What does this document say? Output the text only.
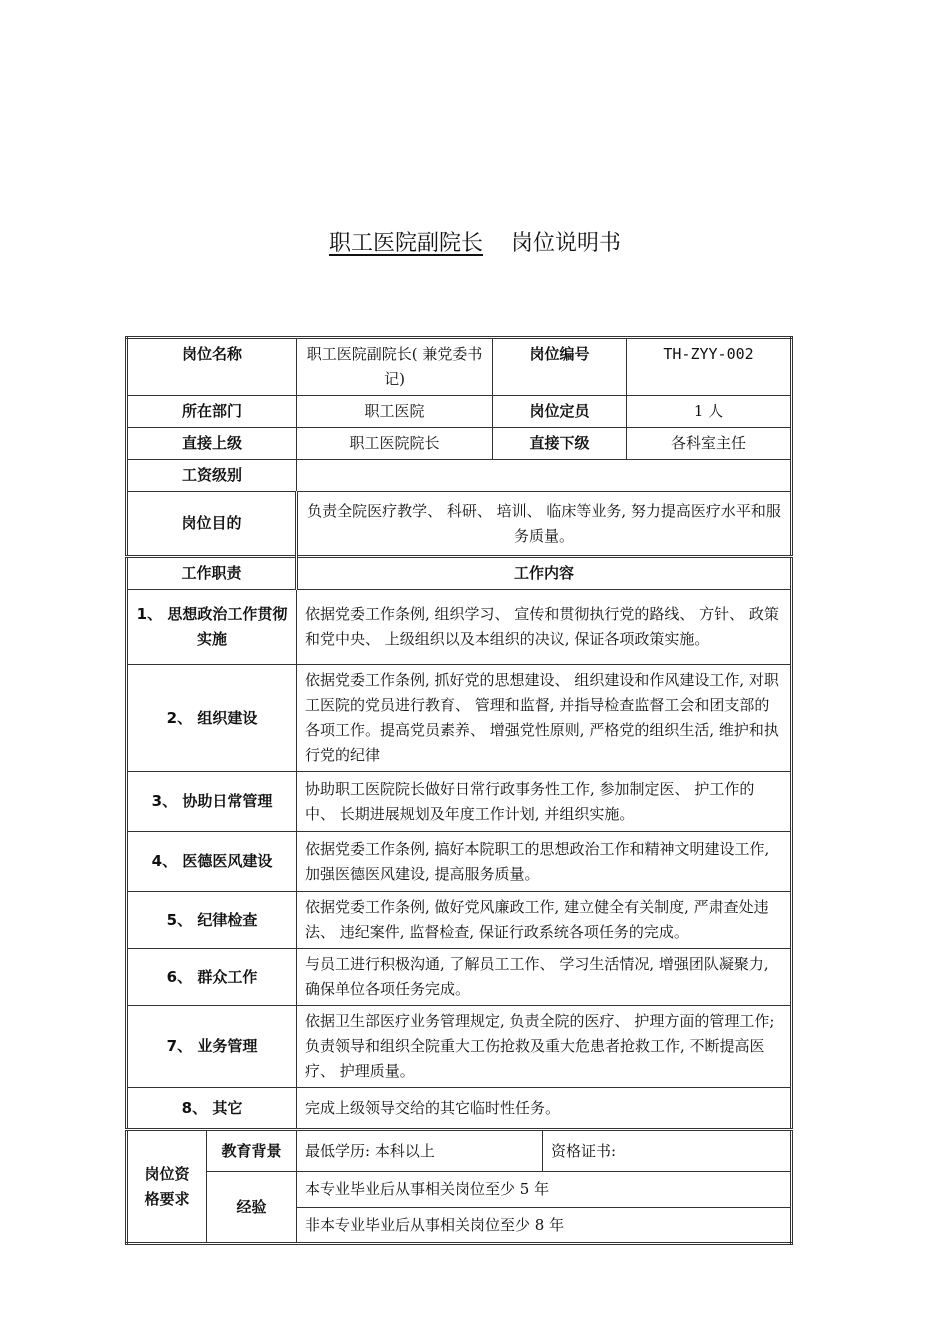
职工医院副院长 岗位说明书
岗位名称		职工医院副院长( 兼党委书记)	岗位编号		TH-ZYY-002
所在部门		职工医院	岗位定员		1 人
直接上级		职工医院院长	直接下级		各科室主任
工资级别					
岗位目的		负责全院医疗教学、 科研、 培训、 临床等业务, 努力提高医疗水平和服务质量。			
工作职责		工作内容			
1、 思想政治工作贯彻实施		依据党委工作条例, 组织学习、 宣传和贯彻执行党的路线、 方针、 政策和党中央、 上级组织以及本组织的决议, 保证各项政策实施。			
2、 组织建设		依据党委工作条例, 抓好党的思想建设、 组织建设和作风建设工作, 对职工医院的党员进行教育、 管理和监督, 并指导检查监督工会和团支部的各项工作。提高党员素养、 增强党性原则, 严格党的组织生活, 维护和执行党的纪律			
3、 协助日常管理		协助职工医院院长做好日常行政事务性工作, 参加制定医、 护工作的中、 长期进展规划及年度工作计划, 并组织实施。			
4、 医德医风建设		依据党委工作条例, 搞好本院职工的思想政治工作和精神文明建设工作, 加强医德医风建设, 提高服务质量。			
5、 纪律检查		依据党委工作条例, 做好党风廉政工作, 建立健全有关制度, 严肃查处违法、 违纪案件, 监督检查, 保证行政系统各项任务的完成。			
6、 群众工作		与员工进行积极沟通, 了解员工工作、 学习生活情况, 增强团队凝聚力, 确保单位各项任务完成。			
7、 业务管理		依据卫生部医疗业务管理规定, 负责全院的医疗、 护理方面的管理工作; 负责领导和组织全院重大工伤抢救及重大危患者抢救工作, 不断提高医疗、 护理质量。			
8、 其它		完成上级领导交给的其它临时性任务。			
岗位资格要求	教育背景	最低学历: 本科以上		资格证书:	
	经验	本专业毕业后从事相关岗位至少 5 年			
		非本专业毕业后从事相关岗位至少 8 年			
